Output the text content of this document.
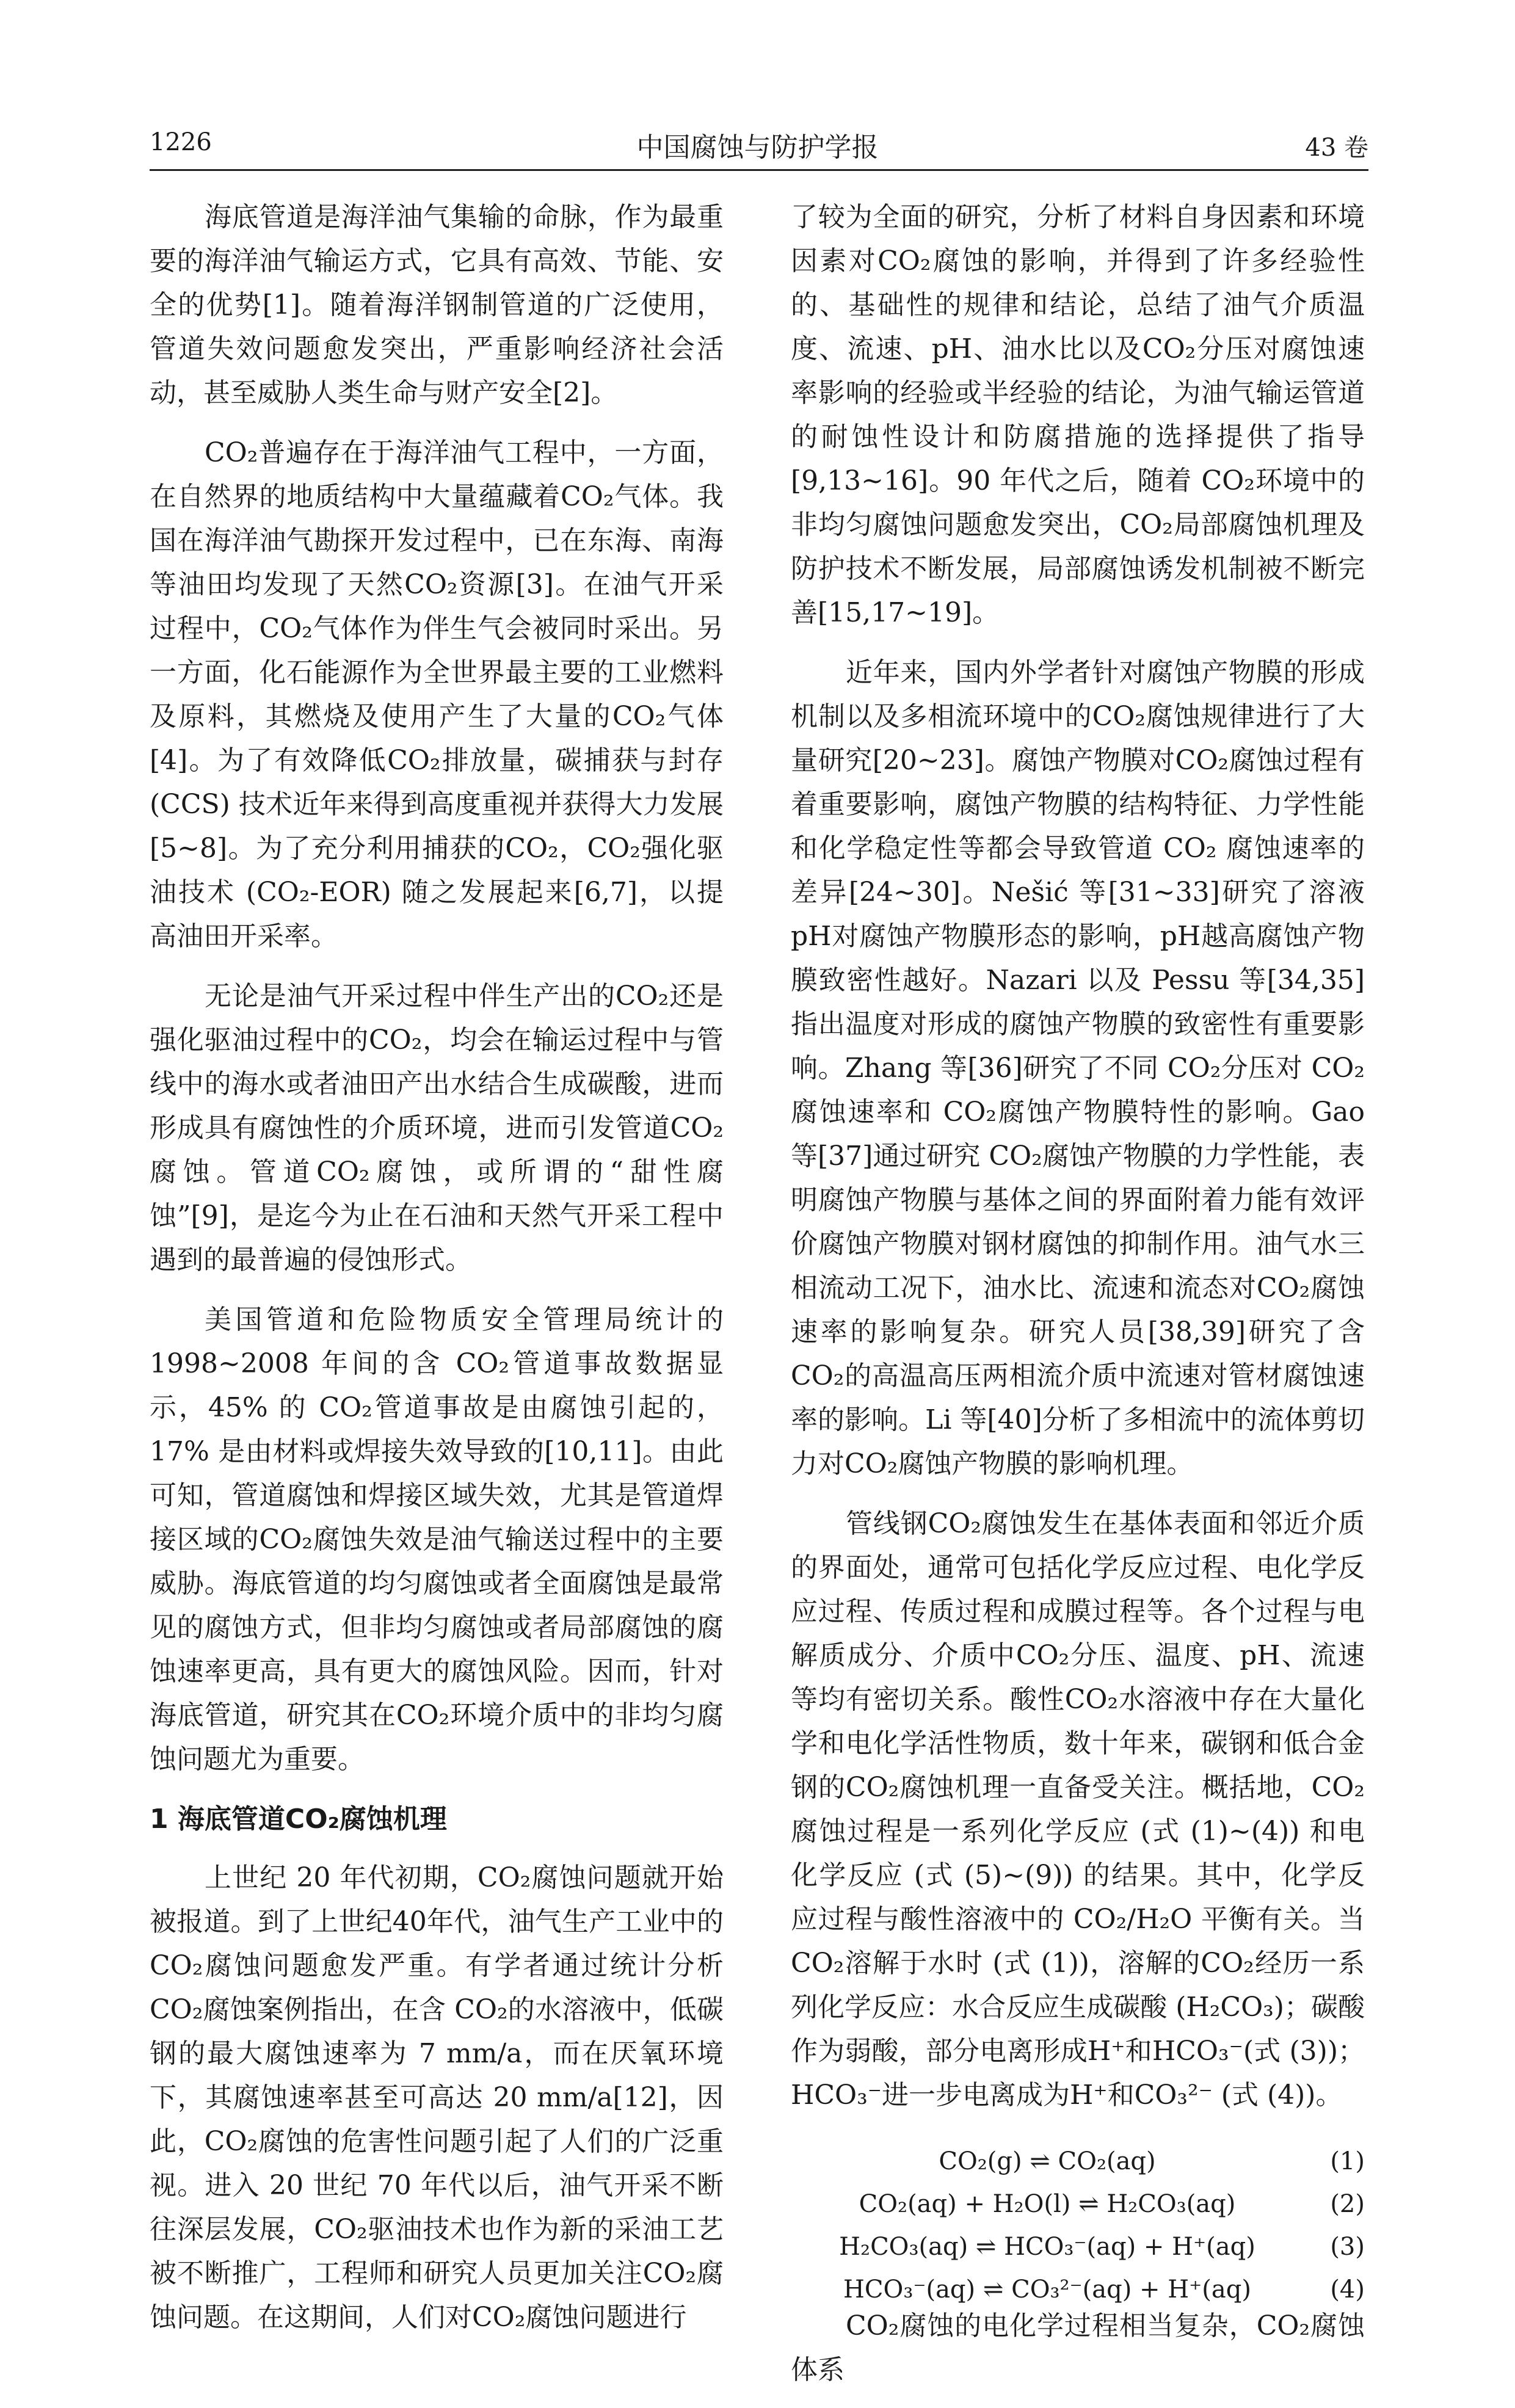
1226	中国腐蚀与防护学报	43 卷

海底管道是海洋油气集输的命脉，作为最重要的海洋油气输运方式，它具有高效、节能、安全的优势[1]。随着海洋钢制管道的广泛使用，管道失效问题愈发突出，严重影响经济社会活动，甚至威胁人类生命与财产安全[2]。

CO₂普遍存在于海洋油气工程中，一方面，在自然界的地质结构中大量蕴藏着CO₂气体。我国在海洋油气勘探开发过程中，已在东海、南海等油田均发现了天然CO₂资源[3]。在油气开采过程中，CO₂气体作为伴生气会被同时采出。另一方面，化石能源作为全世界最主要的工业燃料及原料，其燃烧及使用产生了大量的CO₂气体[4]。为了有效降低CO₂排放量，碳捕获与封存 (CCS) 技术近年来得到高度重视并获得大力发展[5~8]。为了充分利用捕获的CO₂，CO₂强化驱油技术 (CO₂-EOR) 随之发展起来[6,7]，以提高油田开采率。

无论是油气开采过程中伴生产出的CO₂还是强化驱油过程中的CO₂，均会在输运过程中与管线中的海水或者油田产出水结合生成碳酸，进而形成具有腐蚀性的介质环境，进而引发管道CO₂腐蚀。管道CO₂腐蚀，或所谓的“甜性腐蚀”[9]，是迄今为止在石油和天然气开采工程中遇到的最普遍的侵蚀形式。

美国管道和危险物质安全管理局统计的 1998~2008 年间的含 CO₂管道事故数据显示，45% 的 CO₂管道事故是由腐蚀引起的，17% 是由材料或焊接失效导致的[10,11]。由此可知，管道腐蚀和焊接区域失效，尤其是管道焊接区域的CO₂腐蚀失效是油气输送过程中的主要威胁。海底管道的均匀腐蚀或者全面腐蚀是最常见的腐蚀方式，但非均匀腐蚀或者局部腐蚀的腐蚀速率更高，具有更大的腐蚀风险。因而，针对海底管道，研究其在CO₂环境介质中的非均匀腐蚀问题尤为重要。

1 海底管道CO₂腐蚀机理

上世纪 20 年代初期，CO₂腐蚀问题就开始被报道。到了上世纪40年代，油气生产工业中的CO₂腐蚀问题愈发严重。有学者通过统计分析CO₂腐蚀案例指出，在含 CO₂的水溶液中，低碳钢的最大腐蚀速率为 7 mm/a，而在厌氧环境下，其腐蚀速率甚至可高达 20 mm/a[12]，因此，CO₂腐蚀的危害性问题引起了人们的广泛重视。进入 20 世纪 70 年代以后，油气开采不断往深层发展，CO₂驱油技术也作为新的采油工艺被不断推广，工程师和研究人员更加关注CO₂腐蚀问题。在这期间，人们对CO₂腐蚀问题进行

了较为全面的研究，分析了材料自身因素和环境因素对CO₂腐蚀的影响，并得到了许多经验性的、基础性的规律和结论，总结了油气介质温度、流速、pH、油水比以及CO₂分压对腐蚀速率影响的经验或半经验的结论，为油气输运管道的耐蚀性设计和防腐措施的选择提供了指导[9,13~16]。90 年代之后，随着 CO₂环境中的非均匀腐蚀问题愈发突出，CO₂局部腐蚀机理及防护技术不断发展，局部腐蚀诱发机制被不断完善[15,17~19]。

近年来，国内外学者针对腐蚀产物膜的形成机制以及多相流环境中的CO₂腐蚀规律进行了大量研究[20~23]。腐蚀产物膜对CO₂腐蚀过程有着重要影响，腐蚀产物膜的结构特征、力学性能和化学稳定性等都会导致管道 CO₂ 腐蚀速率的差异[24~30]。Nešić 等[31~33]研究了溶液pH对腐蚀产物膜形态的影响，pH越高腐蚀产物膜致密性越好。Nazari 以及 Pessu 等[34,35]指出温度对形成的腐蚀产物膜的致密性有重要影响。Zhang 等[36]研究了不同 CO₂分压对 CO₂腐蚀速率和 CO₂腐蚀产物膜特性的影响。Gao 等[37]通过研究 CO₂腐蚀产物膜的力学性能，表明腐蚀产物膜与基体之间的界面附着力能有效评价腐蚀产物膜对钢材腐蚀的抑制作用。油气水三相流动工况下，油水比、流速和流态对CO₂腐蚀速率的影响复杂。研究人员[38,39]研究了含CO₂的高温高压两相流介质中流速对管材腐蚀速率的影响。Li 等[40]分析了多相流中的流体剪切力对CO₂腐蚀产物膜的影响机理。

管线钢CO₂腐蚀发生在基体表面和邻近介质的界面处，通常可包括化学反应过程、电化学反应过程、传质过程和成膜过程等。各个过程与电解质成分、介质中CO₂分压、温度、pH、流速等均有密切关系。酸性CO₂水溶液中存在大量化学和电化学活性物质，数十年来，碳钢和低合金钢的CO₂腐蚀机理一直备受关注。概括地，CO₂腐蚀过程是一系列化学反应 (式 (1)~(4)) 和电化学反应 (式 (5)~(9)) 的结果。其中，化学反应过程与酸性溶液中的 CO₂/H₂O 平衡有关。当CO₂溶解于水时 (式 (1))，溶解的CO₂经历一系列化学反应：水合反应生成碳酸 (H₂CO₃)；碳酸作为弱酸，部分电离形成H⁺和HCO₃⁻(式 (3))；HCO₃⁻进一步电离成为H⁺和CO₃²⁻ (式 (4))。

CO₂(g) ⇌ CO₂(aq)	(1)
CO₂(aq) + H₂O(l) ⇌ H₂CO₃(aq)	(2)
H₂CO₃(aq) ⇌ HCO₃⁻(aq) + H⁺(aq)	(3)
HCO₃⁻(aq) ⇌ CO₃²⁻(aq) + H⁺(aq)	(4)

CO₂腐蚀的电化学过程相当复杂，CO₂腐蚀体系
